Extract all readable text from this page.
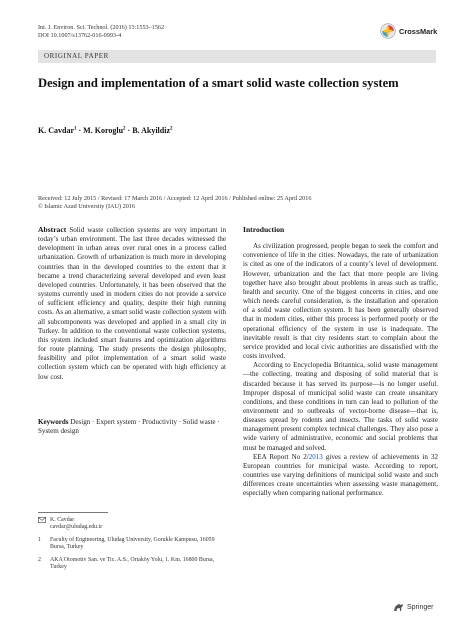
Int. J. Environ. Sci. Technol. (2016) 13:1553–1562
DOI 10.1007/s13762-016-0993-4	CrossMark
ORIGINAL PAPER
Design and implementation of a smart solid waste collection system
K. Cavdar$^1$ · M. Koroglu$^2$ · B. Akyildiz$^2$
Received: 12 July 2015 / Revised: 17 March 2016 / Accepted: 12 April 2016 / Published online: 25 April 2016
© Islamic Azad University (IAU) 2016
Abstract Solid waste collection systems are very important in today’s urban environment. The last three decades witnessed the development in urban areas over rural ones in a process called urbanization. Growth of urbanization is much more in developing countries than in the developed countries to the extent that it became a trend characterizing several developed and even least developed countries. Unfortunately, it has been observed that the systems currently used in modern cities do not provide a service of sufficient efficiency and quality, despite their high running costs. As an alternative, a smart solid waste collection system with all subcomponents was developed and applied in a small city in Turkey. In addition to the conventional waste collection systems, this system included smart features and optimization algorithms for route planning. The study presents the design philosophy, feasibility and pilot implementation of a smart solid waste collection system which can be operated with high efficiency at low cost.
Keywords Design · Expert system · Productivity · Solid waste · System design
K. Cavdar
cavdar@uludag.edu.tr
1	Faculty of Engineering, Uludag University, Gorukle Kampusu, 16059 Bursa, Turkey
2	AKA Otomotiv San. ve Tic. A.S., Ortaköy Yolu, 1. Km. 16800 Bursa, Turkey
Introduction

As civilization progressed, people began to seek the comfort and convenience of life in the cities. Nowadays, the rate of urbanization is cited as one of the indicators of a county’s level of development. However, urbanization and the fact that more people are living together have also brought about problems in areas such as traffic, health and security. One of the biggest concerns in cities, and one which needs careful consideration, is the installation and operation of a solid waste collection system. It has been generally observed that in modern cities, either this process is performed poorly or the operational efficiency of the system in use is inadequate. The inevitable result is that city residents start to complain about the service provided and local civic authorities are dissatisfied with the costs involved.

According to Encyclopedia Britannica, solid waste management—the collecting, treating and disposing of solid material that is discarded because it has served its purpose—is no longer useful. Improper disposal of municipal solid waste can create unsanitary conditions, and these conditions in turn can lead to pollution of the environment and to outbreaks of vector-borne disease—that is, diseases spread by rodents and insects. The tasks of solid waste management present complex technical challenges. They also pose a wide variety of administrative, economic and social problems that must be managed and solved.

EEA Report No 2/2013 gives a review of achievements in 32 European countries for municipal waste. According to report, countries use varying definitions of municipal solid waste and such differences create uncertainties when assessing waste management, especially when comparing national performance.

Springer
